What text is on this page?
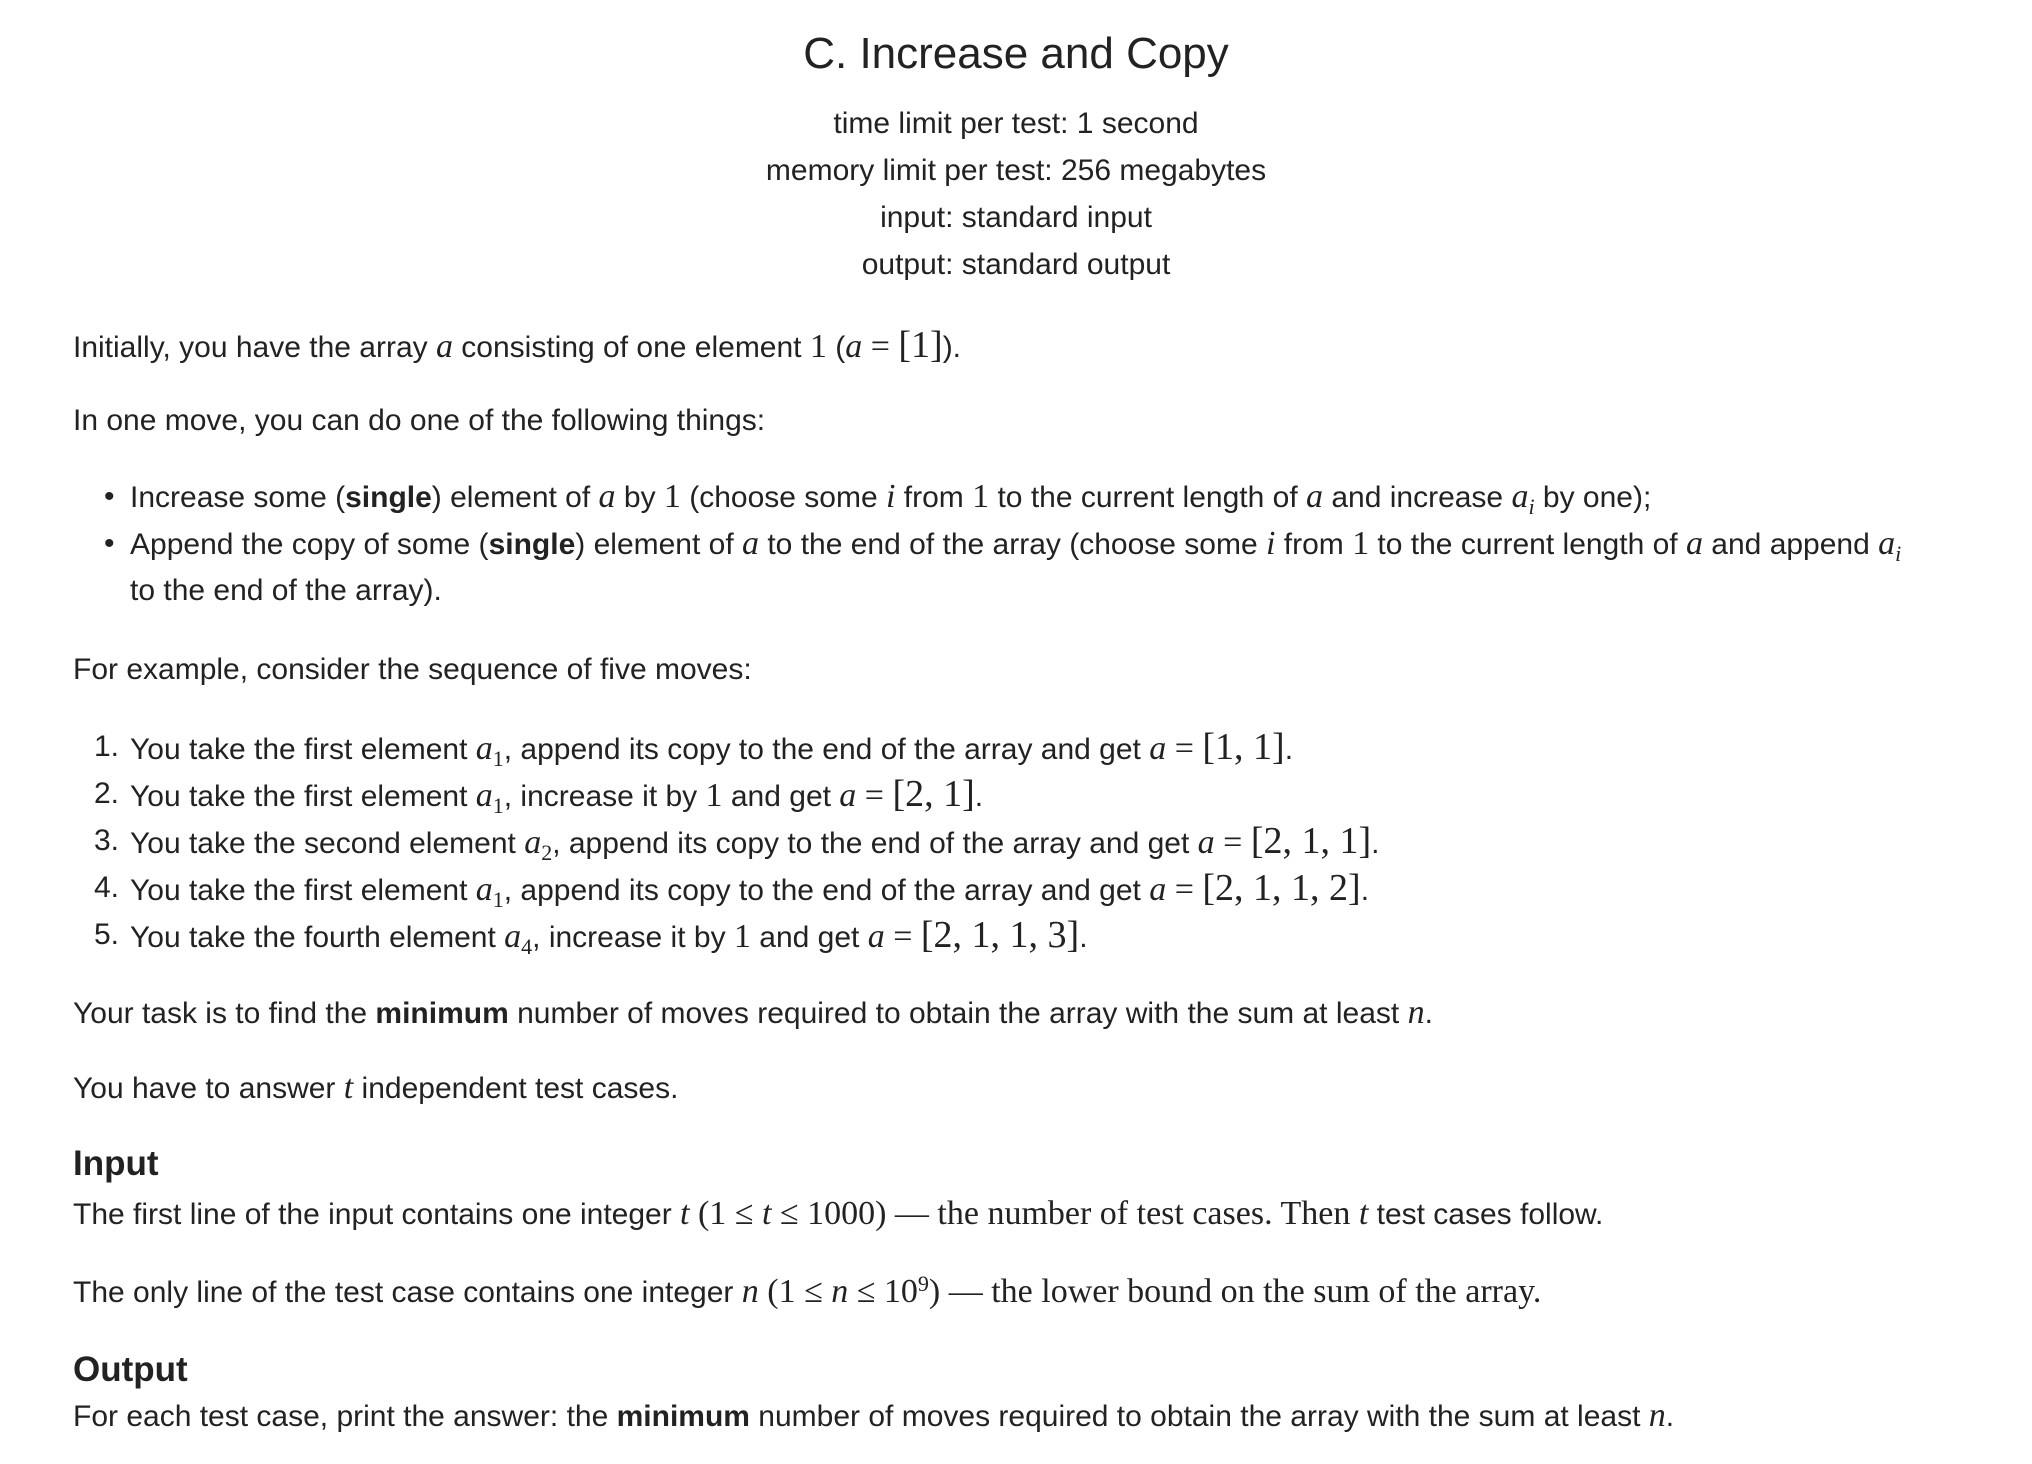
C. Increase and Copy
time limit per test: 1 second
memory limit per test: 256 megabytes
input: standard input
output: standard output
Initially, you have the array a consisting of one element 1 (a = [1]).
In one move, you can do one of the following things:
• Increase some (single) element of a by 1 (choose some i from 1 to the current length of a and increase $a_i$ by one);
• Append the copy of some (single) element of a to the end of the array (choose some i from 1 to the current length of a and append $a_i$
to the end of the array).
For example, consider the sequence of five moves:
1. You take the first element $a_1$, append its copy to the end of the array and get a = [1, 1].
2. You take the first element $a_1$, increase it by 1 and get a = [2, 1].
3. You take the second element $a_2$, append its copy to the end of the array and get a = [2, 1, 1].
4. You take the first element $a_1$, append its copy to the end of the array and get a = [2, 1, 1, 2].
5. You take the fourth element $a_4$, increase it by 1 and get a = [2, 1, 1, 3].
Your task is to find the minimum number of moves required to obtain the array with the sum at least n.
You have to answer t independent test cases.
Input
The first line of the input contains one integer t (1 ≤ t ≤ 1000) — the number of test cases. Then t test cases follow.
The only line of the test case contains one integer n $(1 \le n \le 10^9)$ — the lower bound on the sum of the array.
Output
For each test case, print the answer: the minimum number of moves required to obtain the array with the sum at least n.
